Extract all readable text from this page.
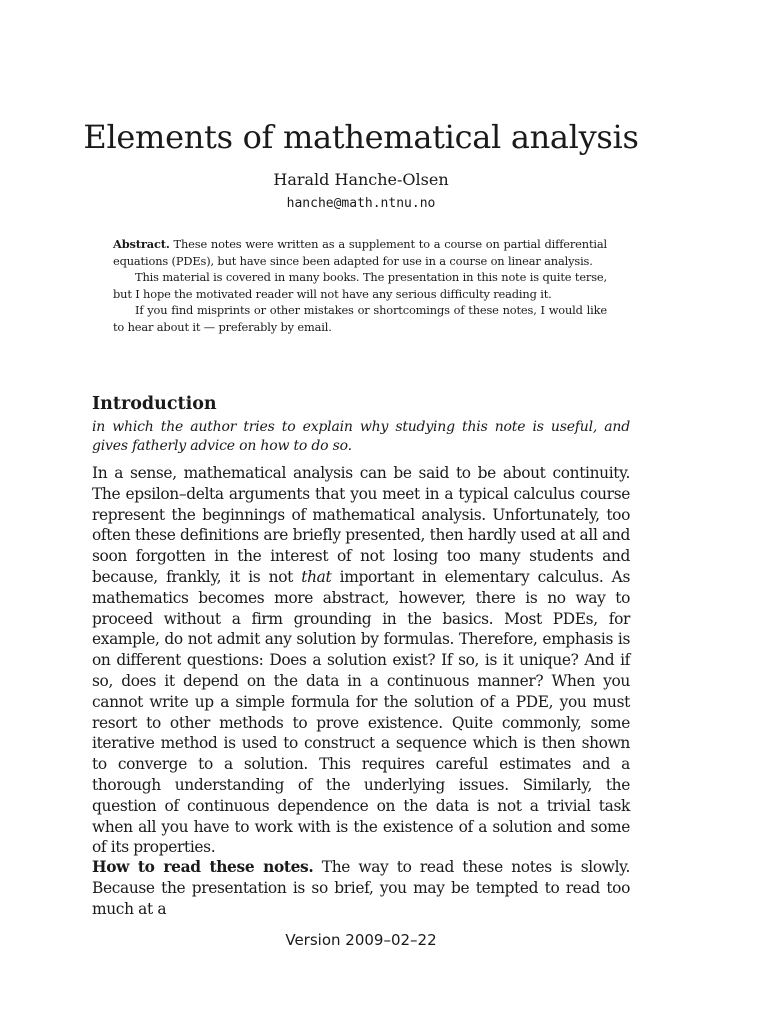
Elements of mathematical analysis
Harald Hanche-Olsen
hanche@math.ntnu.no

Abstract. These notes were written as a supplement to a course on partial differential equations (PDEs), but have since been adapted for use in a course on linear analysis.

This material is covered in many books. The presentation in this note is quite terse, but I hope the motivated reader will not have any serious difficulty reading it.

If you find misprints or other mistakes or shortcomings of these notes, I would like to hear about it — preferably by email.

Introduction
in which the author tries to explain why studying this note is useful, and gives fatherly advice on how to do so.

In a sense, mathematical analysis can be said to be about continuity. The epsilon–delta arguments that you meet in a typical calculus course represent the beginnings of mathematical analysis. Unfortunately, too often these definitions are briefly presented, then hardly used at all and soon forgotten in the interest of not losing too many students and because, frankly, it is not that important in elementary calculus. As mathematics becomes more abstract, however, there is no way to proceed without a firm grounding in the basics. Most PDEs, for example, do not admit any solution by formulas. Therefore, emphasis is on different questions: Does a solution exist? If so, is it unique? And if so, does it depend on the data in a continuous manner? When you cannot write up a simple formula for the solution of a PDE, you must resort to other methods to prove existence. Quite commonly, some iterative method is used to construct a sequence which is then shown to converge to a solution. This requires careful estimates and a thorough understanding of the underlying issues. Similarly, the question of continuous dependence on the data is not a trivial task when all you have to work with is the existence of a solution and some of its properties.

How to read these notes. The way to read these notes is slowly. Because the presentation is so brief, you may be tempted to read too much at a

Version 2009–02–22
